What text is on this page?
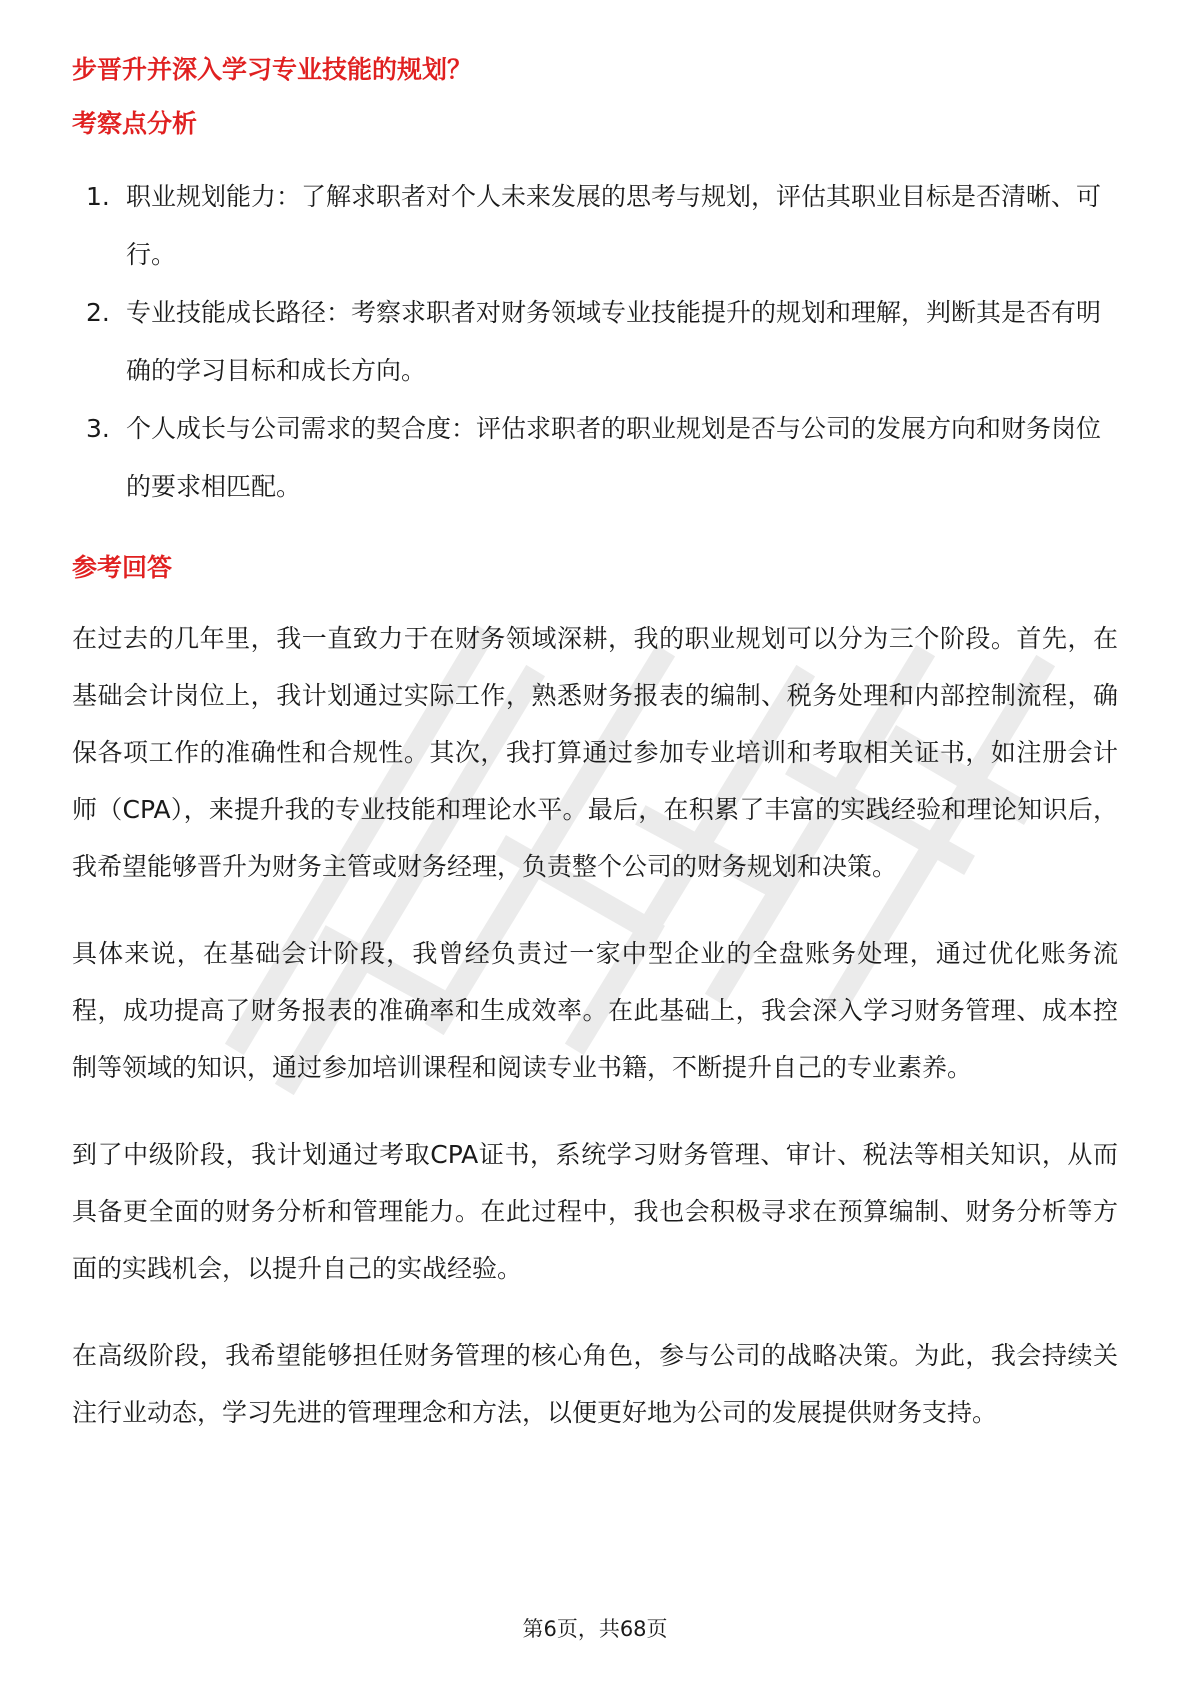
步晋升并深入学习专业技能的规划？
考察点分析
1. 职业规划能力：了解求职者对个人未来发展的思考与规划，评估其职业目标是否清晰、可行。
2. 专业技能成长路径：考察求职者对财务领域专业技能提升的规划和理解，判断其是否有明确的学习目标和成长方向。
3. 个人成长与公司需求的契合度：评估求职者的职业规划是否与公司的发展方向和财务岗位的要求相匹配。
参考回答

在过去的几年里，我一直致力于在财务领域深耕，我的职业规划可以分为三个阶段。首先，在基础会计岗位上，我计划通过实际工作，熟悉财务报表的编制、税务处理和内部控制流程，确保各项工作的准确性和合规性。其次，我打算通过参加专业培训和考取相关证书，如注册会计师（CPA），来提升我的专业技能和理论水平。最后，在积累了丰富的实践经验和理论知识后，我希望能够晋升为财务主管或财务经理，负责整个公司的财务规划和决策。

具体来说，在基础会计阶段，我曾经负责过一家中型企业的全盘账务处理，通过优化账务流程，成功提高了财务报表的准确率和生成效率。在此基础上，我会深入学习财务管理、成本控制等领域的知识，通过参加培训课程和阅读专业书籍，不断提升自己的专业素养。

到了中级阶段，我计划通过考取CPA证书，系统学习财务管理、审计、税法等相关知识，从而具备更全面的财务分析和管理能力。在此过程中，我也会积极寻求在预算编制、财务分析等方面的实践机会，以提升自己的实战经验。

在高级阶段，我希望能够担任财务管理的核心角色，参与公司的战略决策。为此，我会持续关注行业动态，学习先进的管理理念和方法，以便更好地为公司的发展提供财务支持。

第6页，共68页
